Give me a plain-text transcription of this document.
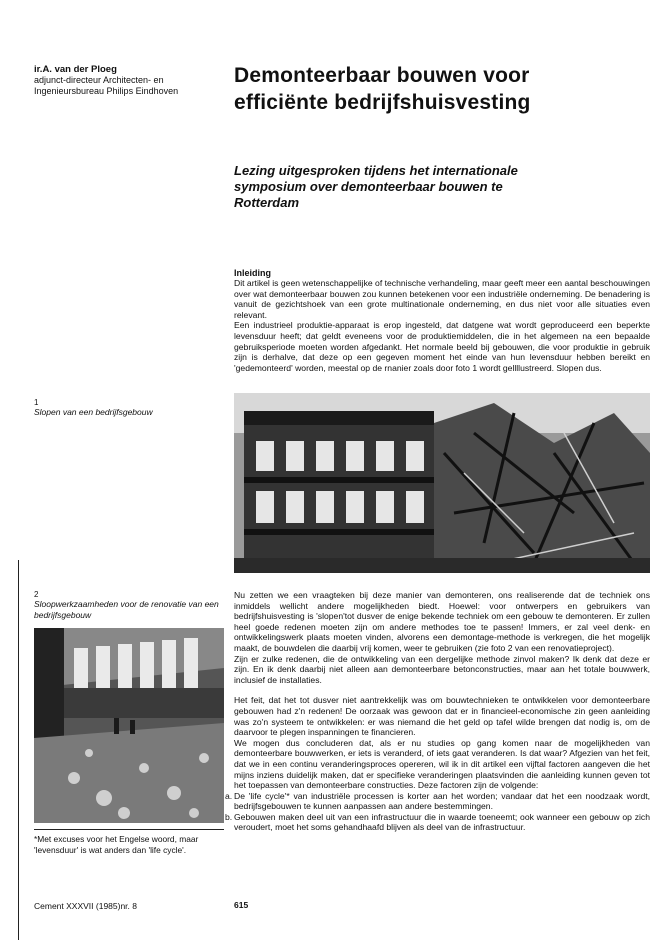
ir.A. van der Ploeg
adjunct-directeur Architecten- en
Ingenieursbureau Philips Eindhoven
Demonteerbaar bouwen voor
efficiënte bedrijfshuisvesting
Lezing uitgesproken tijdens het internationale
symposium over demonteerbaar bouwen te
Rotterdam
Inleiding

Dit artikel is geen wetenschappelijke of technische verhandeling, maar geeft meer een aantal beschouwingen over wat demonteerbaar bouwen zou kunnen betekenen voor een industriële onderneming. De benadering is vanuit de gezichtshoek van een grote multinationale onderneming, en dus niet voor alle situaties even relevant.

Een industrieel produktie-apparaat is erop ingesteld, dat datgene wat wordt geproduceerd een beperkte levensduur heeft; dat geldt eveneens voor de produktiemiddelen, die in het algemeen na een bepaalde gebruiksperiode moeten worden afgedankt. Het normale beeld bij gebouwen, die voor produktie in gebruik zijn is derhalve, dat deze op een gegeven moment het einde van hun levensduur hebben bereikt en 'gedemonteerd' worden, meestal op de rnanier zoals door foto 1 wordt gellllustreerd. Slopen dus.

1
Slopen van een bedrijfsgebouw
2
Sloopwerkzaamheden voor de renovatie van een bedrijfsgebouw

Nu zetten we een vraagteken bij deze manier van demonteren, ons realiserende dat de techniek ons inmiddels wellicht andere mogelijkheden biedt. Hoewel: voor ontwerpers en gebruikers van bedrijfshuisvesting is 'slopen'tot dusver de enige bekende techniek om een gebouw te demonteren. Er zullen heel goede redenen moeten zijn om andere methodes toe te passen! Immers, er zal veel denk- en ontwikkelingswerk plaats moeten vinden, alvorens een demontage-methode is verkregen, die het mogelijk maakt, de bouwdelen die daarbij vrij komen, weer te gebruiken (zie foto 2 van een renovatieproject).

Zijn er zulke redenen, die de ontwikkeling van een dergelijke methode zinvol maken? Ik denk dat deze er zijn. En ik denk daarbij niet alleen aan demonteerbare betonconstructies, maar aan het totale bouwwerk, inclusief de installaties.

Het feit, dat het tot dusver niet aantrekkelijk was om bouwtechnieken te ontwikkelen voor demonteerbare gebouwen had z'n redenen! De oorzaak was gewoon dat er in financieel-economische zin geen aanleiding was zo'n systeem te ontwikkelen: er was niemand die het geld op tafel wilde brengen dat nodig is, om de daarvoor te plegen inspanningen te financieren.

We mogen dus concluderen dat, als er nu studies op gang komen naar de mogelijkheden van demonteerbare bouwwerken, er iets is veranderd, of iets gaat veranderen. Is dat waar? Afgezien van het feit, dat we in een continu veranderingsproces opereren, wil ik in dit artikel een vijftal factoren aangeven die het mijns inziens duidelijk maken, dat er specifieke veranderingen plaatsvinden die aanleiding kunnen geven tot het toepassen van demonteerbare constructies. Deze factoren zijn de volgende:

a. De 'life cycle'* van industriële processen is korter aan het worden; vandaar dat het een noodzaak wordt, bedrijfsgebouwen te kunnen aanpassen aan andere bestemmingen.
b. Gebouwen maken deel uit van een infrastructuur die in waarde toeneemt; ook wanneer een gebouw op zich veroudert, moet het soms gehandhaafd blijven als deel van de infrastructuur.
*Met excuses voor het Engelse woord, maar 'levensduur' is wat anders dan 'life cycle'.
Cement XXXVII (1985)nr. 8	615
